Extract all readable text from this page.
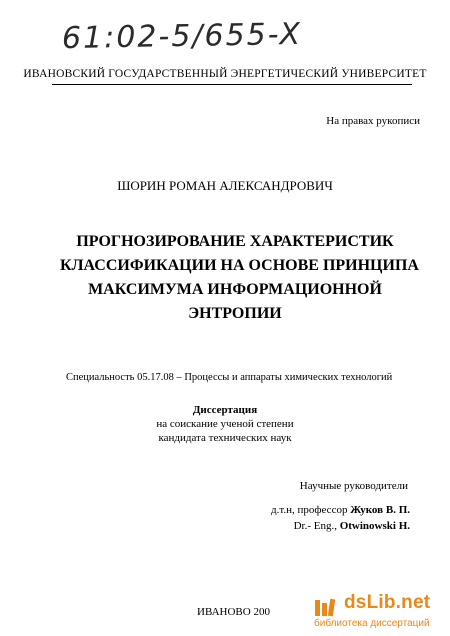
61:02-5/655-X
ИВАНОВСКИЙ ГОСУДАРСТВЕННЫЙ ЭНЕРГЕТИЧЕСКИЙ УНИВЕРСИТЕТ
На правах рукописи
ШОРИН РОМАН АЛЕКСАНДРОВИЧ
ПРОГНОЗИРОВАНИЕ ХАРАКТЕРИСТИК
КЛАССИФИКАЦИИ НА ОСНОВЕ ПРИНЦИПА
МАКСИМУМА ИНФОРМАЦИОННОЙ
ЭНТРОПИИ
Специальность 05.17.08 – Процессы и аппараты химических технологий
Диссертация
на соискание ученой степени
кандидата технических наук
Научные руководители
д.т.н, профессор Жуков В. П.
Dr.- Eng., Otwinowski H.
ИВАНОВО 200	dsLib.net
библиотека диссертаций
